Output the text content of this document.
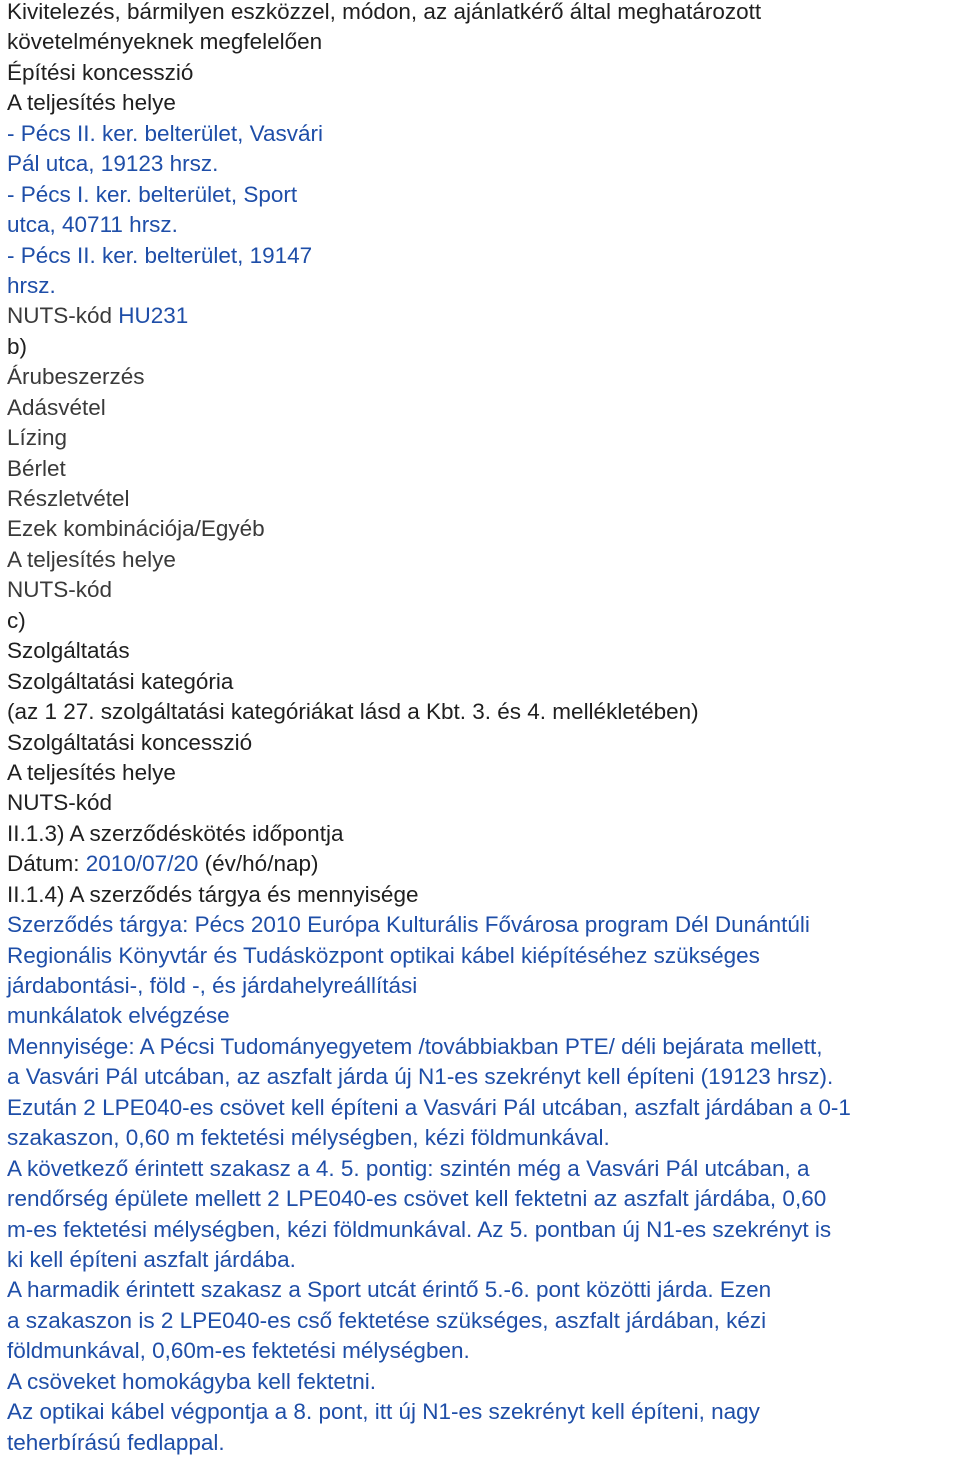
Kivitelezés, bármilyen eszközzel, módon, az ajánlatkérő által meghatározott
követelményeknek megfelelően
Építési koncesszió
A teljesítés helye
- Pécs II. ker. belterület, Vasvári
Pál utca, 19123 hrsz.
- Pécs I. ker. belterület, Sport
utca, 40711 hrsz.
- Pécs II. ker. belterület, 19147
hrsz.
NUTS-kód HU231
b)
Árubeszerzés
Adásvétel
Lízing
Bérlet
Részletvétel
Ezek kombinációja/Egyéb
A teljesítés helye
NUTS-kód
c)
Szolgáltatás
Szolgáltatási kategória
(az 1 27. szolgáltatási kategóriákat lásd a Kbt. 3. és 4. mellékletében)
Szolgáltatási koncesszió
A teljesítés helye
NUTS-kód
II.1.3) A szerződéskötés időpontja
Dátum: 2010/07/20 (év/hó/nap)
II.1.4) A szerződés tárgya és mennyisége
Szerződés tárgya: Pécs 2010 Európa Kulturális Fővárosa program Dél Dunántúli
Regionális Könyvtár és Tudásközpont optikai kábel kiépítéséhez szükséges
járdabontási-, föld -, és járdahelyreállítási
munkálatok elvégzése
Mennyisége: A Pécsi Tudományegyetem /továbbiakban PTE/ déli bejárata mellett,
a Vasvári Pál utcában, az aszfalt járda új N1-es szekrényt kell építeni (19123 hrsz).
Ezután 2 LPE040-es csövet kell építeni a Vasvári Pál utcában, aszfalt járdában a 0-1
szakaszon, 0,60 m fektetési mélységben, kézi földmunkával.
A következő érintett szakasz a 4. 5. pontig: szintén még a Vasvári Pál utcában, a
rendőrség épülete mellett 2 LPE040-es csövet kell fektetni az aszfalt járdába, 0,60
m-es fektetési mélységben, kézi földmunkával. Az 5. pontban új N1-es szekrényt is
ki kell építeni aszfalt járdába.
A harmadik érintett szakasz a Sport utcát érintő 5.-6. pont közötti járda. Ezen
a szakaszon is 2 LPE040-es cső fektetése szükséges, aszfalt járdában, kézi
földmunkával, 0,60m-es fektetési mélységben.
A csöveket homokágyba kell fektetni.
Az optikai kábel végpontja a 8. pont, itt új N1-es szekrényt kell építeni, nagy
teherbírású fedlappal.
